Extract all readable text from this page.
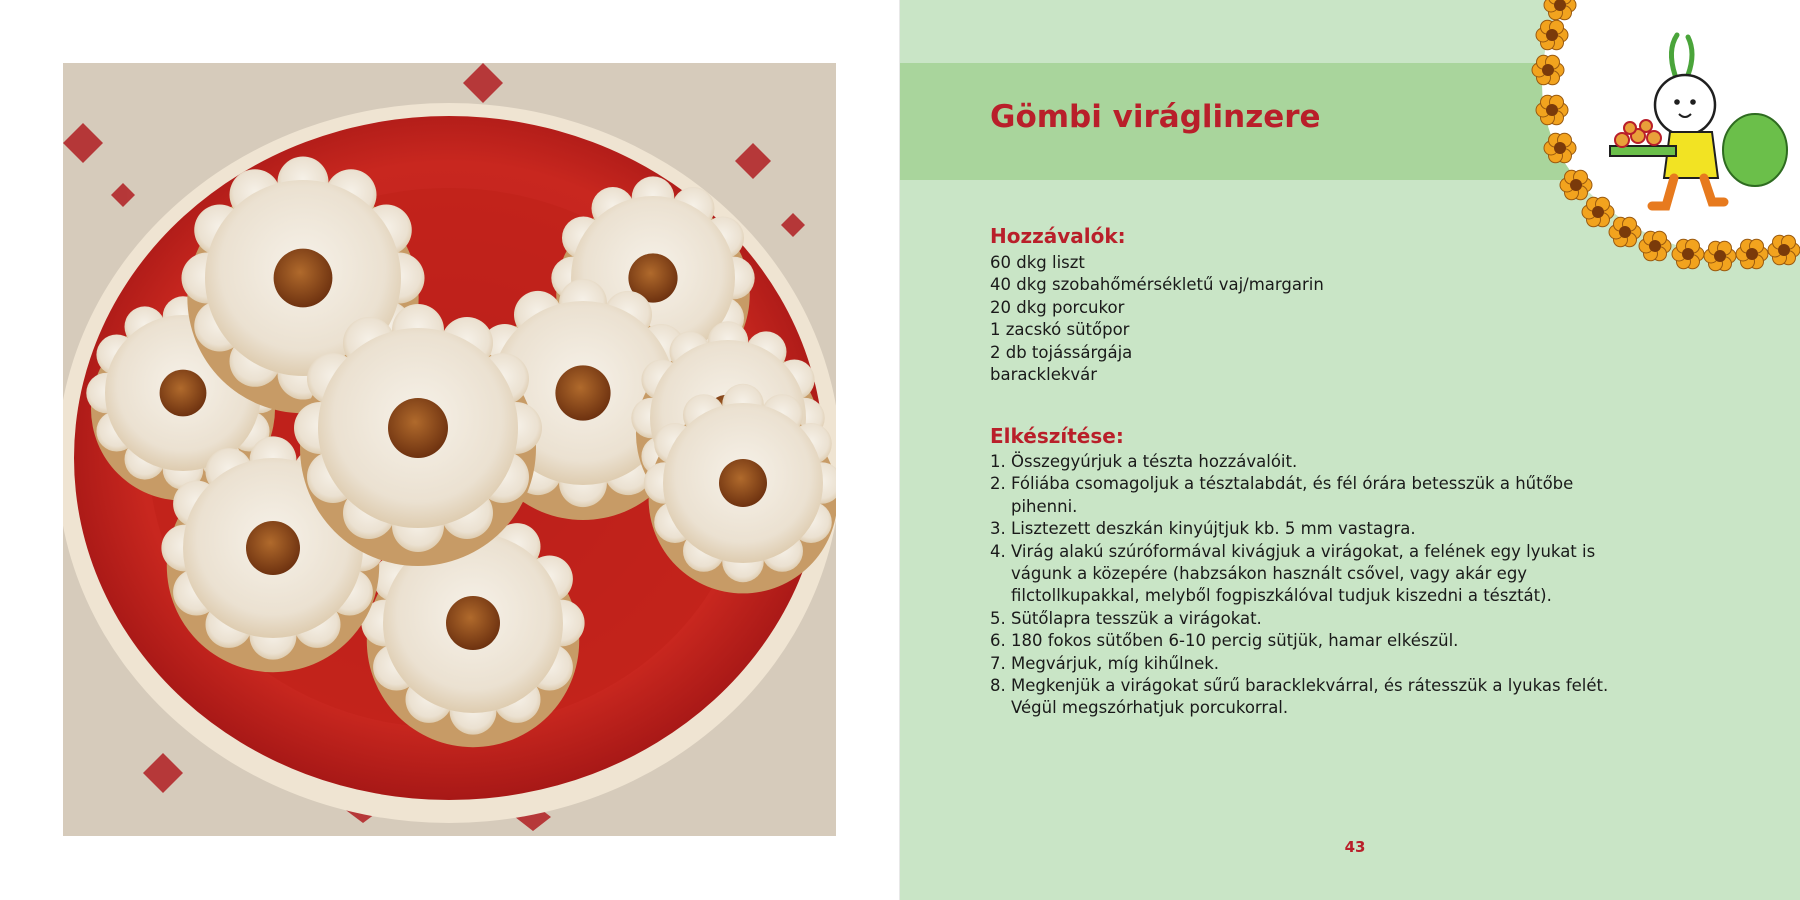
Gömbi viráglinzere
Hozzávalók:
60 dkg liszt
40 dkg szobahőmérsékletű vaj/margarin
20 dkg porcukor
1 zacskó sütőpor
2 db tojássárgája
baracklekvár
Elkészítése:
1. Összegyúrjuk a tészta hozzávalóit.
2. Fóliába csomagoljuk a tésztalabdát, és fél órára betesszük a hűtőbe pihenni.
3. Lisztezett deszkán kinyújtjuk kb. 5 mm vastagra.
4. Virág alakú szúróformával kivágjuk a virágokat, a felének egy lyukat is vágunk a közepére (habzsákon használt csővel, vagy akár egy filctollkupakkal, melyből fogpiszkálóval tudjuk kiszedni a tésztát).
5. Sütőlapra tesszük a virágokat.
6. 180 fokos sütőben 6-10 percig sütjük, hamar elkészül.
7. Megvárjuk, míg kihűlnek.
8. Megkenjük a virágokat sűrű baracklekvárral, és rátesszük a lyukas felét. Végül megszórhatjuk porcukorral.
43
